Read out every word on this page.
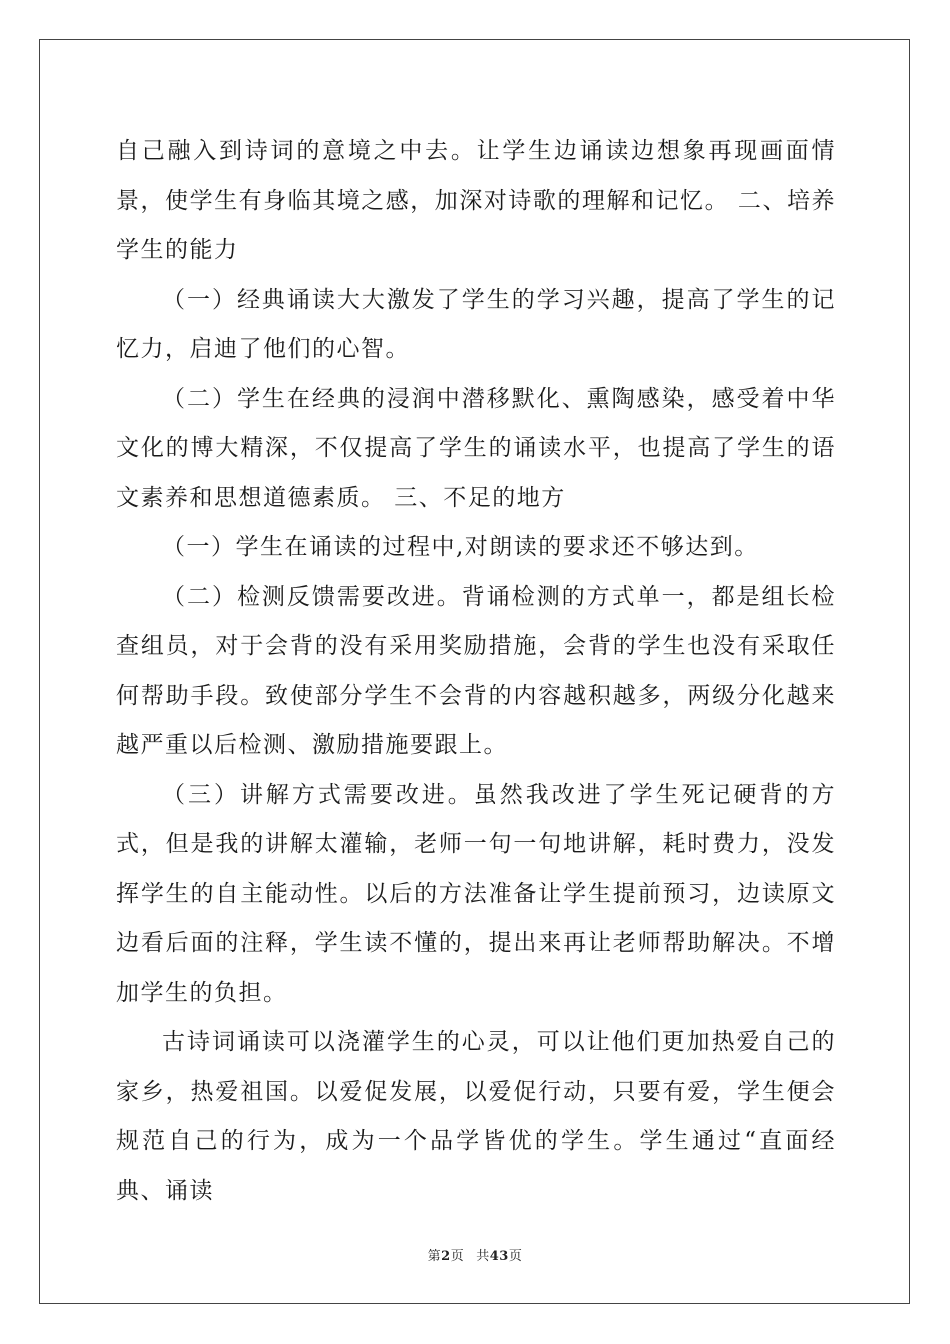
自己融入到诗词的意境之中去。让学生边诵读边想象再现画面情景，使学生有身临其境之感，加深对诗歌的理解和记忆。 二、培养学生的能力

（一）经典诵读大大激发了学生的学习兴趣，提高了学生的记忆力，启迪了他们的心智。

（二）学生在经典的浸润中潜移默化、熏陶感染，感受着中华文化的博大精深，不仅提高了学生的诵读水平，也提高了学生的语文素养和思想道德素质。 三、不足的地方

（一）学生在诵读的过程中,对朗读的要求还不够达到。

（二）检测反馈需要改进。背诵检测的方式单一，都是组长检查组员，对于会背的没有采用奖励措施，会背的学生也没有采取任何帮助手段。致使部分学生不会背的内容越积越多，两级分化越来越严重以后检测、激励措施要跟上。

（三）讲解方式需要改进。虽然我改进了学生死记硬背的方式，但是我的讲解太灌输，老师一句一句地讲解，耗时费力，没发挥学生的自主能动性。以后的方法准备让学生提前预习，边读原文边看后面的注释，学生读不懂的，提出来再让老师帮助解决。不增加学生的负担。

古诗词诵读可以浇灌学生的心灵，可以让他们更加热爱自己的家乡，热爱祖国。以爱促发展，以爱促行动，只要有爱，学生便会规范自己的行为，成为一个品学皆优的学生。学生通过“直面经典、诵读

第2页 共43页
